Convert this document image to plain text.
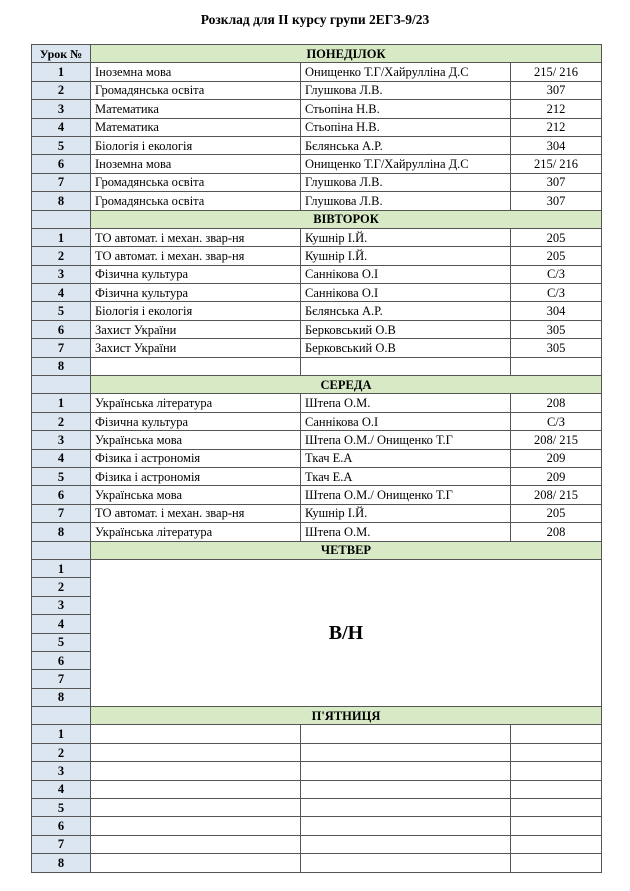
Розклад для ІІ курсу групи 2ЕГЗ-9/23
Урок №	ПОНЕДІЛОК		
1	Іноземна мова	Онищенко Т.Г/Хайрулліна Д.С	215/ 216
2	Громадянська освіта	Глушкова Л.В.	307
3	Математика	Стьопіна Н.В.	212
4	Математика	Стьопіна Н.В.	212
5	Біологія і екологія	Бєлянська А.Р.	304
6	Іноземна мова	Онищенко Т.Г/Хайрулліна Д.С	215/ 216
7	Громадянська освіта	Глушкова Л.В.	307
8	Громадянська освіта	Глушкова Л.В.	307
	ВІВТОРОК		
1	ТО автомат. і механ. звар-ня	Кушнір І.Й.	205
2	ТО автомат. і механ. звар-ня	Кушнір І.Й.	205
3	Фізична культура	Саннікова О.І	С/З
4	Фізична культура	Саннікова О.І	С/З
5	Біологія і екологія	Бєлянська А.Р.	304
6	Захист України	Берковський О.В	305
7	Захист України	Берковський О.В	305
8			
	СЕРЕДА		
1	Українська література	Штепа О.М.	208
2	Фізична культура	Саннікова О.І	С/З
3	Українська мова	Штепа О.М./ Онищенко Т.Г	208/ 215
4	Фізика і астрономія	Ткач Е.А	209
5	Фізика і астрономія	Ткач Е.А	209
6	Українська мова	Штепа О.М./ Онищенко Т.Г	208/ 215
7	ТО автомат. і механ. звар-ня	Кушнір І.Й.	205
8	Українська література	Штепа О.М.	208
	ЧЕТВЕР		
1	В/Н		
2			
3			
4			
5			
6			
7			
8			
	П'ЯТНИЦЯ		
1			
2			
3			
4			
5			
6			
7			
8			
